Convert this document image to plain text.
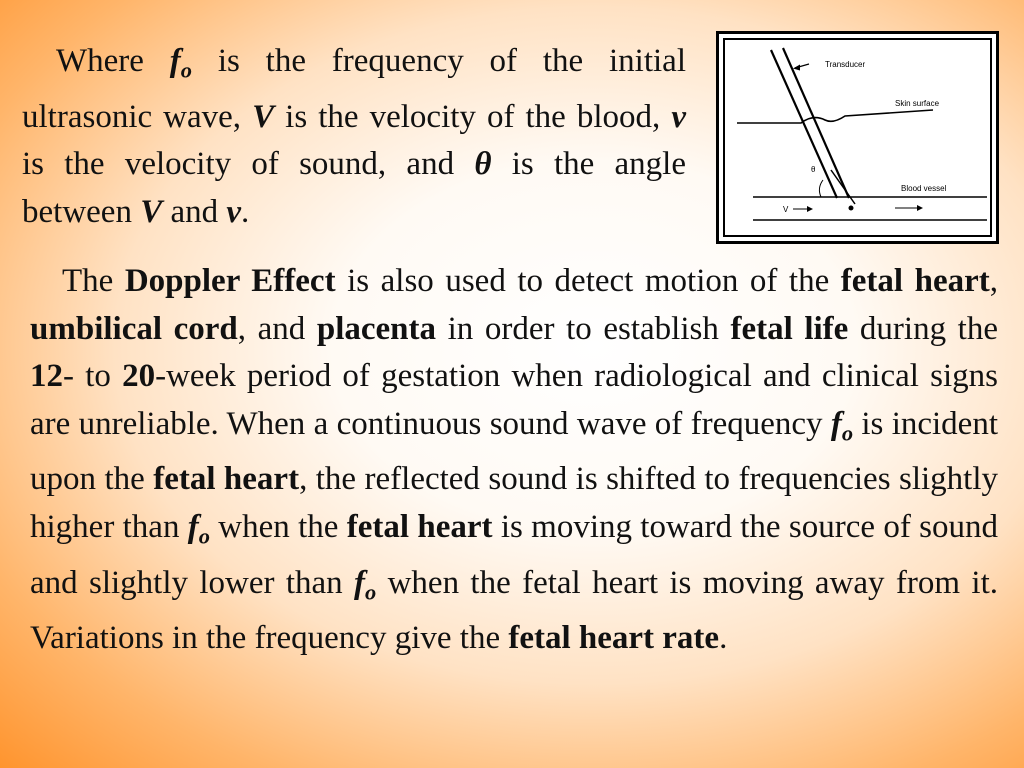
Where $f_o$ is the frequency of the initial ultrasonic wave, V is the velocity of the blood, v is the velocity of sound, and θ is the angle between V and v.

Transducer
Skin surface
Blood vessel
θ
V

The Doppler Effect is also used to detect motion of the fetal heart, umbilical cord, and placenta in order to establish fetal life during the 12- to 20-week period of gestation when radiological and clinical signs are unreliable. When a continuous sound wave of frequency $f_o$ is incident upon the fetal heart, the reflected sound is shifted to frequencies slightly higher than $f_o$ when the fetal heart is moving toward the source of sound and slightly lower than $f_o$ when the fetal heart is moving away from it. Variations in the frequency give the fetal heart rate.
